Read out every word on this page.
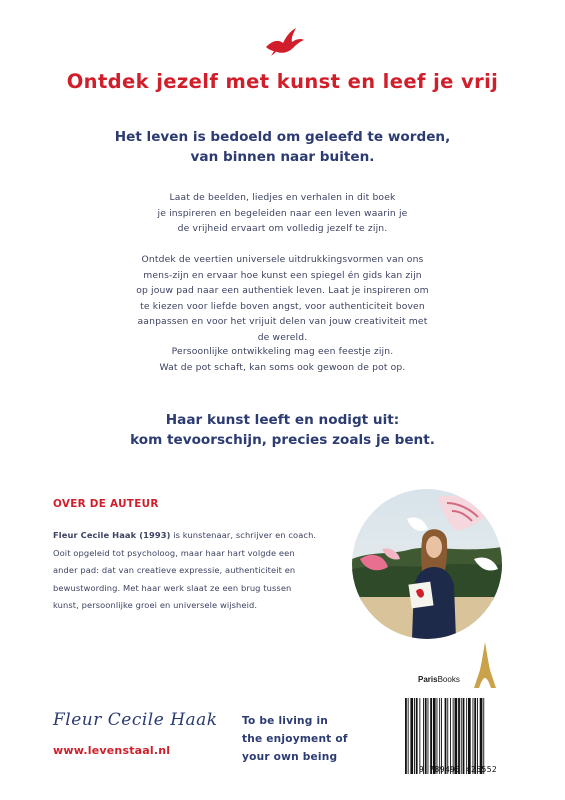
Ontdek jezelf met kunst en leef je vrij
Het leven is bedoeld om geleefd te worden,
van binnen naar buiten.
Laat de beelden, liedjes en verhalen in dit boek
je inspireren en begeleiden naar een leven waarin je
de vrijheid ervaart om volledig jezelf te zijn.
Ontdek de veertien universele uitdrukkingsvormen van ons
mens-zijn en ervaar hoe kunst een spiegel én gids kan zijn
op jouw pad naar een authentiek leven. Laat je inspireren om
te kiezen voor liefde boven angst, voor authenticiteit boven
aanpassen en voor het vrijuit delen van jouw creativiteit met
de wereld.
Persoonlijke ontwikkeling mag een feestje zijn.
Wat de pot schaft, kan soms ook gewoon de pot op.
Haar kunst leeft en nodigt uit:
kom tevoorschijn, precies zoals je bent.
OVER DE AUTEUR
Fleur Cecile Haak (1993) is kunstenaar, schrijver en coach.
Ooit opgeleid tot psycholoog, maar haar hart volgde een
ander pad: dat van creatieve expressie, authenticiteit en
bewustwording. Met haar werk slaat ze een brug tussen
kunst, persoonlijke groei en universele wijsheid.
ParisBooks
Fleur Cecile Haak
www.levenstaal.nl
To be living in
the enjoyment of
your own being
9 789493 425552
